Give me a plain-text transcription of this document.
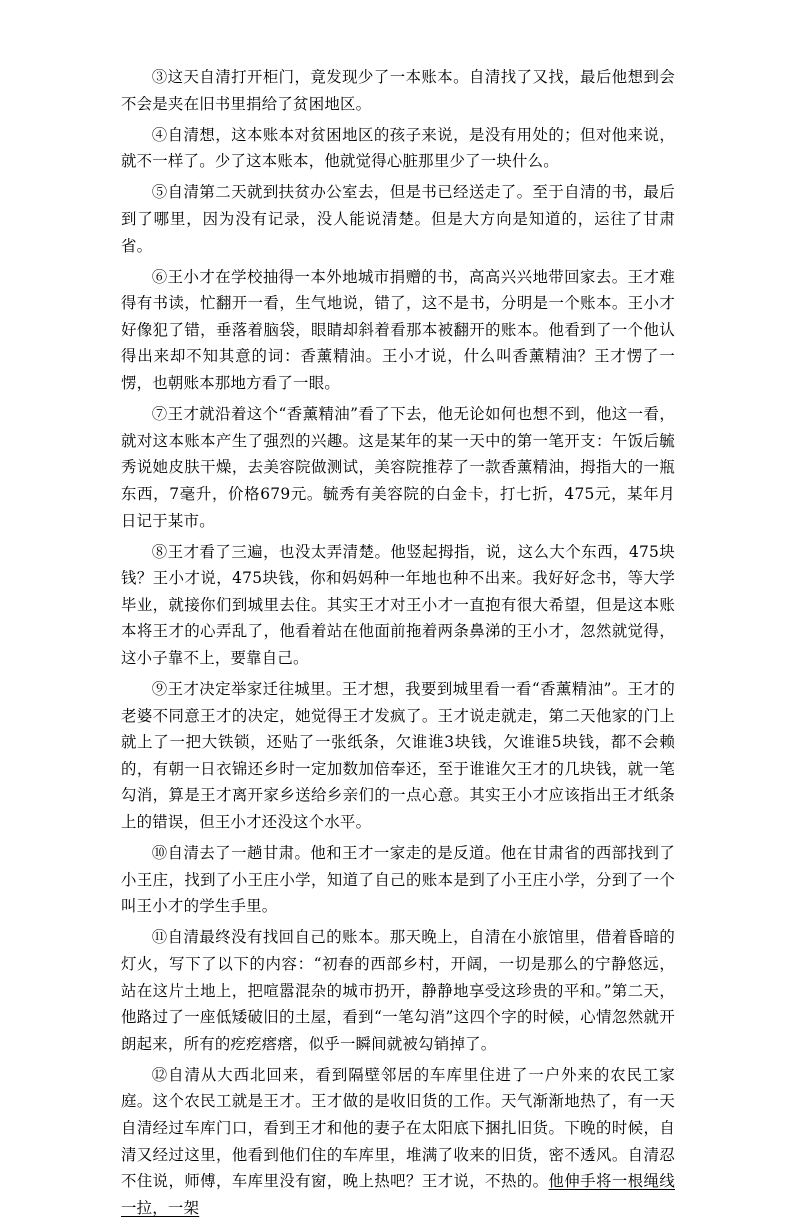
③这天自清打开柜门，竟发现少了一本账本。自清找了又找，最后他想到会不会是夹在旧书里捐给了贫困地区。

④自清想，这本账本对贫困地区的孩子来说，是没有用处的；但对他来说，就不一样了。少了这本账本，他就觉得心脏那里少了一块什么。

⑤自清第二天就到扶贫办公室去，但是书已经送走了。至于自清的书，最后到了哪里，因为没有记录，没人能说清楚。但是大方向是知道的，运往了甘肃省。

⑥王小才在学校抽得一本外地城市捐赠的书，高高兴兴地带回家去。王才难得有书读，忙翻开一看，生气地说，错了，这不是书，分明是一个账本。王小才好像犯了错，垂落着脑袋，眼睛却斜着看那本被翻开的账本。他看到了一个他认得出来却不知其意的词：香薰精油。王小才说，什么叫香薰精油？王才愣了一愣，也朝账本那地方看了一眼。

⑦王才就沿着这个“香薰精油”看了下去，他无论如何也想不到，他这一看，就对这本账本产生了强烈的兴趣。这是某年的某一天中的第一笔开支：午饭后毓秀说她皮肤干燥，去美容院做测试，美容院推荐了一款香薰精油，拇指大的一瓶东西，7毫升，价格679元。毓秀有美容院的白金卡，打七折，475元，某年月日记于某市。

⑧王才看了三遍，也没太弄清楚。他竖起拇指，说，这么大个东西，475块钱？王小才说，475块钱，你和妈妈种一年地也种不出来。我好好念书，等大学毕业，就接你们到城里去住。其实王才对王小才一直抱有很大希望，但是这本账本将王才的心弄乱了，他看着站在他面前拖着两条鼻涕的王小才，忽然就觉得，这小子靠不上，要靠自己。

⑨王才决定举家迁往城里。王才想，我要到城里看一看“香薰精油”。王才的老婆不同意王才的决定，她觉得王才发疯了。王才说走就走，第二天他家的门上就上了一把大铁锁，还贴了一张纸条，欠谁谁3块钱，欠谁谁5块钱，都不会赖的，有朝一日衣锦还乡时一定加数加倍奉还，至于谁谁欠王才的几块钱，就一笔勾消，算是王才离开家乡送给乡亲们的一点心意。其实王小才应该指出王才纸条上的错误，但王小才还没这个水平。

⑩自清去了一趟甘肃。他和王才一家走的是反道。他在甘肃省的西部找到了小王庄，找到了小王庄小学，知道了自己的账本是到了小王庄小学，分到了一个叫王小才的学生手里。

⑪自清最终没有找回自己的账本。那天晚上，自清在小旅馆里，借着昏暗的灯火，写下了以下的内容：“初春的西部乡村，开阔，一切是那么的宁静悠远，站在这片土地上，把喧嚣混杂的城市扔开，静静地享受这珍贵的平和。”第二天，他路过了一座低矮破旧的土屋，看到“一笔勾消”这四个字的时候，心情忽然就开朗起来，所有的疙疙瘩瘩，似乎一瞬间就被勾销掉了。

⑫自清从大西北回来，看到隔壁邻居的车库里住进了一户外来的农民工家庭。这个农民工就是王才。王才做的是收旧货的工作。天气渐渐地热了，有一天自清经过车库门口，看到王才和他的妻子在太阳底下捆扎旧货。下晚的时候，自清又经过这里，他看到他们住的车库里，堆满了收来的旧货，密不透风。自清忍不住说，师傅，车库里没有窗，晚上热吧？王才说，不热的。他伸手将一根绳线一拉，一架
